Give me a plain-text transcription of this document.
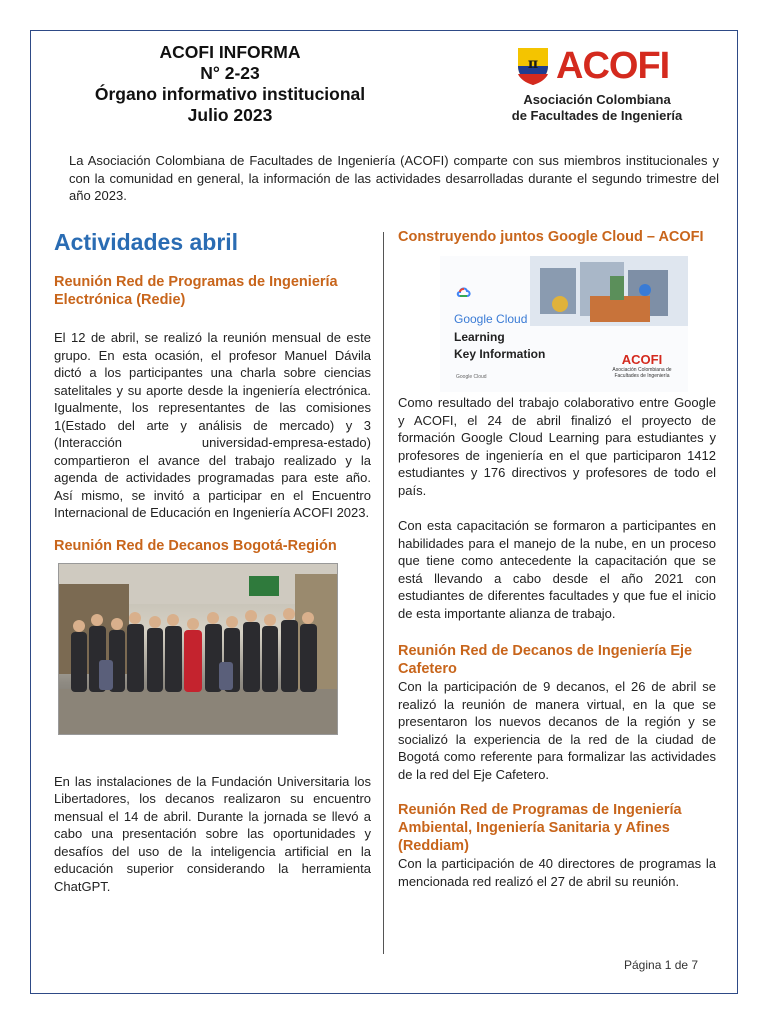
ACOFI INFORMA
N° 2-23
Órgano informativo institucional
Julio 2023
π ACOFI
Asociación Colombiana
de Facultades de Ingeniería

La Asociación Colombiana de Facultades de Ingeniería (ACOFI) comparte con sus miembros institucionales y con la comunidad en general, la información de las actividades desarrolladas durante el segundo trimestre del año 2023.

Actividades abril
Reunión Red de Programas de Ingeniería Electrónica (Redie)

El 12 de abril, se realizó la reunión mensual de este grupo. En esta ocasión, el profesor Manuel Dávila dictó a los participantes una charla sobre ciencias satelitales y su aporte desde la ingeniería electrónica. Igualmente, los representantes de las comisiones 1(Estado del arte y análisis de mercado) y 3 (Interacción universidad-empresa-estado) compartieron el avance del trabajo realizado y la agenda de actividades programadas para este año. Así mismo, se invitó a participar en el Encuentro Internacional de Educación en Ingeniería ACOFI 2023.

Reunión Red de Decanos Bogotá-Región

En las instalaciones de la Fundación Universitaria los Libertadores, los decanos realizaron su encuentro mensual el 14 de abril. Durante la jornada se llevó a cabo una presentación sobre las oportunidades y desafíos del uso de la inteligencia artificial en la educación superior considerando la herramienta ChatGPT.

Construyendo juntos Google Cloud – ACOFI
Google Cloud
Learning
Key Information
Google Cloud
ACOFI
Asociación Colombiana de Facultades de Ingeniería

Como resultado del trabajo colaborativo entre Google y ACOFI, el 24 de abril finalizó el proyecto de formación Google Cloud Learning para estudiantes y profesores de ingeniería en el que participaron 1412 estudiantes y 176 directivos y profesores de todo el país.

Con esta capacitación se formaron a participantes en habilidades para el manejo de la nube, en un proceso que tiene como antecedente la capacitación que se está llevando a cabo desde el año 2021 con estudiantes de diferentes facultades y que fue el inicio de esta importante alianza de trabajo.

Reunión Red de Decanos de Ingeniería Eje Cafetero

Con la participación de 9 decanos, el 26 de abril se realizó la reunión de manera virtual, en la que se presentaron los nuevos decanos de la región y se socializó la experiencia de la red de la ciudad de Bogotá como referente para formalizar las actividades de la red del Eje Cafetero.

Reunión Red de Programas de Ingeniería Ambiental, Ingeniería Sanitaria y Afines (Reddiam)

Con la participación de 40 directores de programas la mencionada red realizó el 27 de abril su reunión.

Página 1 de 7
